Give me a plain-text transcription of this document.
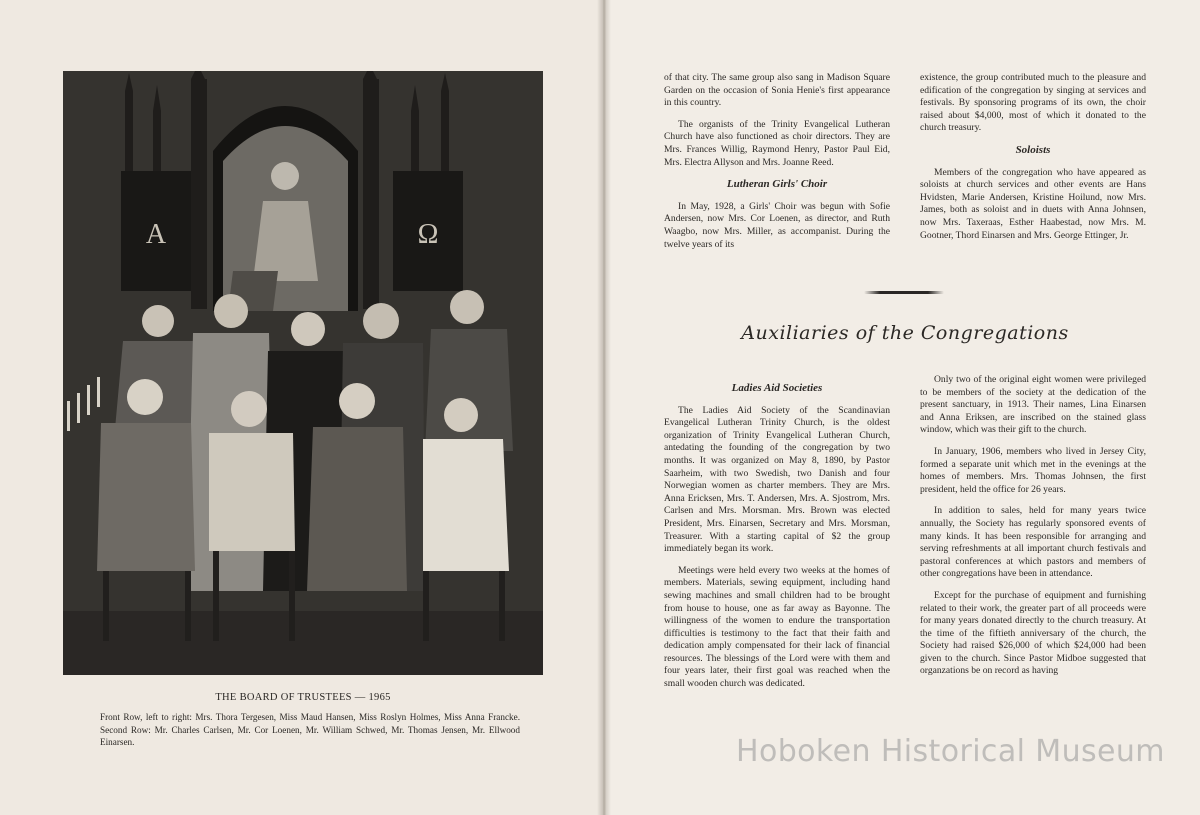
A	Ω
THE BOARD OF TRUSTEES — 1965
Front Row, left to right: Mrs. Thora Tergesen, Miss Maud Hansen, Miss Roslyn Holmes, Miss Anna Francke. Second Row: Mr. Charles Carlsen, Mr. Cor Loenen, Mr. William Schwed, Mr. Thomas Jensen, Mr. Ellwood Einarsen.

of that city. The same group also sang in Madison Square Garden on the occasion of Sonia Henie's first appearance in this country.

The organists of the Trinity Evangelical Lutheran Church have also functioned as choir directors. They are Mrs. Frances Willig, Raymond Henry, Pastor Paul Eid, Mrs. Electra Allyson and Mrs. Joanne Reed.

Lutheran Girls' Choir

In May, 1928, a Girls' Choir was begun with Sofie Andersen, now Mrs. Cor Loenen, as director, and Ruth Waagbo, now Mrs. Miller, as accompanist. During the twelve years of its

existence, the group contributed much to the pleasure and edification of the congregation by singing at services and festivals. By sponsoring programs of its own, the choir raised about $4,000, most of which it donated to the church treasury.

Soloists

Members of the congregation who have appeared as soloists at church services and other events are Hans Hvidsten, Marie Andersen, Kristine Hoilund, now Mrs. James, both as soloist and in duets with Anna Johnsen, now Mrs. Taxeraas, Esther Haabestad, now Mrs. M. Gootner, Thord Einarsen and Mrs. George Ettinger, Jr.

Auxiliaries of the Congregations
Ladies Aid Societies

The Ladies Aid Society of the Scandinavian Evangelical Lutheran Trinity Church, is the oldest organization of Trinity Evangelical Lutheran Church, antedating the founding of the congregation by two months. It was organized on May 8, 1890, by Pastor Saarheim, with two Swedish, two Danish and four Norwegian women as charter members. They are Mrs. Anna Ericksen, Mrs. T. Andersen, Mrs. A. Sjostrom, Mrs. Carlsen and Mrs. Morsman. Mrs. Brown was elected President, Mrs. Einarsen, Secretary and Mrs. Morsman, Treasurer. With a starting capital of $2 the group immediately began its work.

Meetings were held every two weeks at the homes of members. Materials, sewing equipment, including hand sewing machines and small children had to be brought from house to house, one as far away as Bayonne. The willingness of the women to endure the transportation difficulties is testimony to the fact that their faith and dedication amply compensated for their lack of financial resources. The blessings of the Lord were with them and four years later, their first goal was reached when the small wooden church was dedicated.

Only two of the original eight women were privileged to be members of the society at the dedication of the present sanctuary, in 1913. Their names, Lina Einarsen and Anna Eriksen, are inscribed on the stained glass window, which was their gift to the church.

In January, 1906, members who lived in Jersey City, formed a separate unit which met in the evenings at the homes of members. Mrs. Thomas Johnsen, the first president, held the office for 26 years.

In addition to sales, held for many years twice annually, the Society has regularly sponsored events of many kinds. It has been responsible for arranging and serving refreshments at all important church festivals and pastoral conferences at which pastors and members of other congregations have been in attendance.

Except for the purchase of equipment and furnishing related to their work, the greater part of all proceeds were for many years donated directly to the church treasury. At the time of the fiftieth anniversary of the church, the Society had raised $26,000 of which $24,000 had been given to the church. Since Pastor Midboe suggested that organzations be on record as having

Hoboken Historical Museum
